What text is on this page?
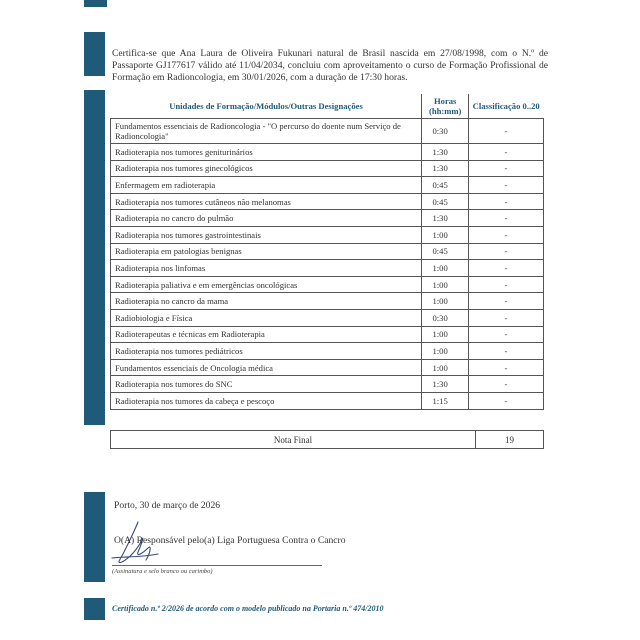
Certifica-se que Ana Laura de Oliveira Fukunari natural de Brasil nascida em 27/08/1998, com o N.º de Passaporte GJ177617 válido até 11/04/2034, concluiu com aproveitamento o curso de Formação Profissional de Formação em Radioncologia, em 30/01/2026, com a duração de 17:30 horas.

Unidades de Formação/Módulos/Outras Designações	Horas (hh:mm)	Classificação 0..20
Fundamentos essenciais de Radioncologia - "O percurso do doente num Serviço de Radioncologia"	0:30	-
Radioterapia nos tumores geniturinários	1:30	-
Radioterapia nos tumores ginecológicos	1:30	-
Enfermagem em radioterapia	0:45	-
Radioterapia nos tumores cutâneos não melanomas	0:45	-
Radioterapia no cancro do pulmão	1:30	-
Radioterapia nos tumores gastrointestinais	1:00	-
Radioterapia em patologias benignas	0:45	-
Radioterapia nos linfomas	1:00	-
Radioterapia paliativa e em emergências oncológicas	1:00	-
Radioterapia no cancro da mama	1:00	-
Radiobiologia e Física	0:30	-
Radioterapeutas e técnicas em Radioterapia	1:00	-
Radioterapia nos tumores pediátricos	1:00	-
Fundamentos essenciais de Oncologia médica	1:00	-
Radioterapia nos tumores do SNC	1:30	-
Radioterapia nos tumores da cabeça e pescoço	1:15	-
Nota Final	19
Porto, 30 de março de 2026
O(A) Responsável pelo(a) Liga Portuguesa Contra o Cancro
(Assinatura e selo branco ou carimbo)
Certificado n.º 2/2026 de acordo com o modelo publicado na Portaria n.º 474/2010
